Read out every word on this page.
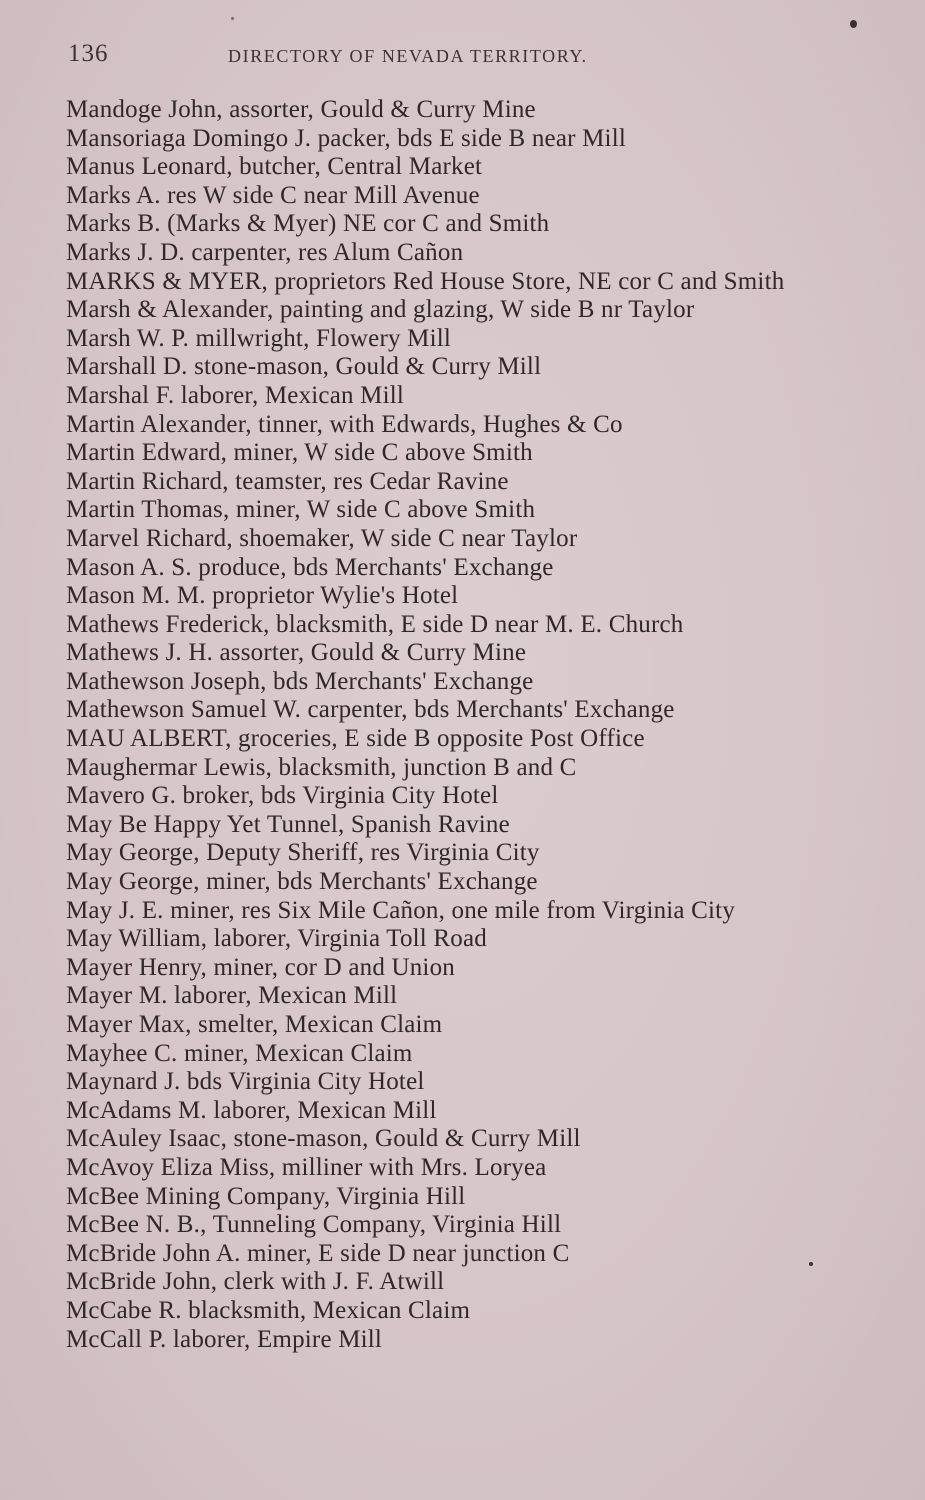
136	DIRECTORY OF NEVADA TERRITORY.
Mandoge John, assorter, Gould & Curry Mine
Mansoriaga Domingo J. packer, bds E side B near Mill
Manus Leonard, butcher, Central Market
Marks A. res W side C near Mill Avenue
Marks B. (Marks & Myer) NE cor C and Smith
Marks J. D. carpenter, res Alum Cañon
MARKS & MYER, proprietors Red House Store, NE cor C and Smith
Marsh & Alexander, painting and glazing, W side B nr Taylor
Marsh W. P. millwright, Flowery Mill
Marshall D. stone-mason, Gould & Curry Mill
Marshal F. laborer, Mexican Mill
Martin Alexander, tinner, with Edwards, Hughes & Co
Martin Edward, miner, W side C above Smith
Martin Richard, teamster, res Cedar Ravine
Martin Thomas, miner, W side C above Smith
Marvel Richard, shoemaker, W side C near Taylor
Mason A. S. produce, bds Merchants' Exchange
Mason M. M. proprietor Wylie's Hotel
Mathews Frederick, blacksmith, E side D near M. E. Church
Mathews J. H. assorter, Gould & Curry Mine
Mathewson Joseph, bds Merchants' Exchange
Mathewson Samuel W. carpenter, bds Merchants' Exchange
MAU ALBERT, groceries, E side B opposite Post Office
Maughermar Lewis, blacksmith, junction B and C
Mavero G. broker, bds Virginia City Hotel
May Be Happy Yet Tunnel, Spanish Ravine
May George, Deputy Sheriff, res Virginia City
May George, miner, bds Merchants' Exchange
May J. E. miner, res Six Mile Cañon, one mile from Virginia City
May William, laborer, Virginia Toll Road
Mayer Henry, miner, cor D and Union
Mayer M. laborer, Mexican Mill
Mayer Max, smelter, Mexican Claim
Mayhee C. miner, Mexican Claim
Maynard J. bds Virginia City Hotel
McAdams M. laborer, Mexican Mill
McAuley Isaac, stone-mason, Gould & Curry Mill
McAvoy Eliza Miss, milliner with Mrs. Loryea
McBee Mining Company, Virginia Hill
McBee N. B., Tunneling Company, Virginia Hill
McBride John A. miner, E side D near junction C
McBride John, clerk with J. F. Atwill
McCabe R. blacksmith, Mexican Claim
McCall P. laborer, Empire Mill
